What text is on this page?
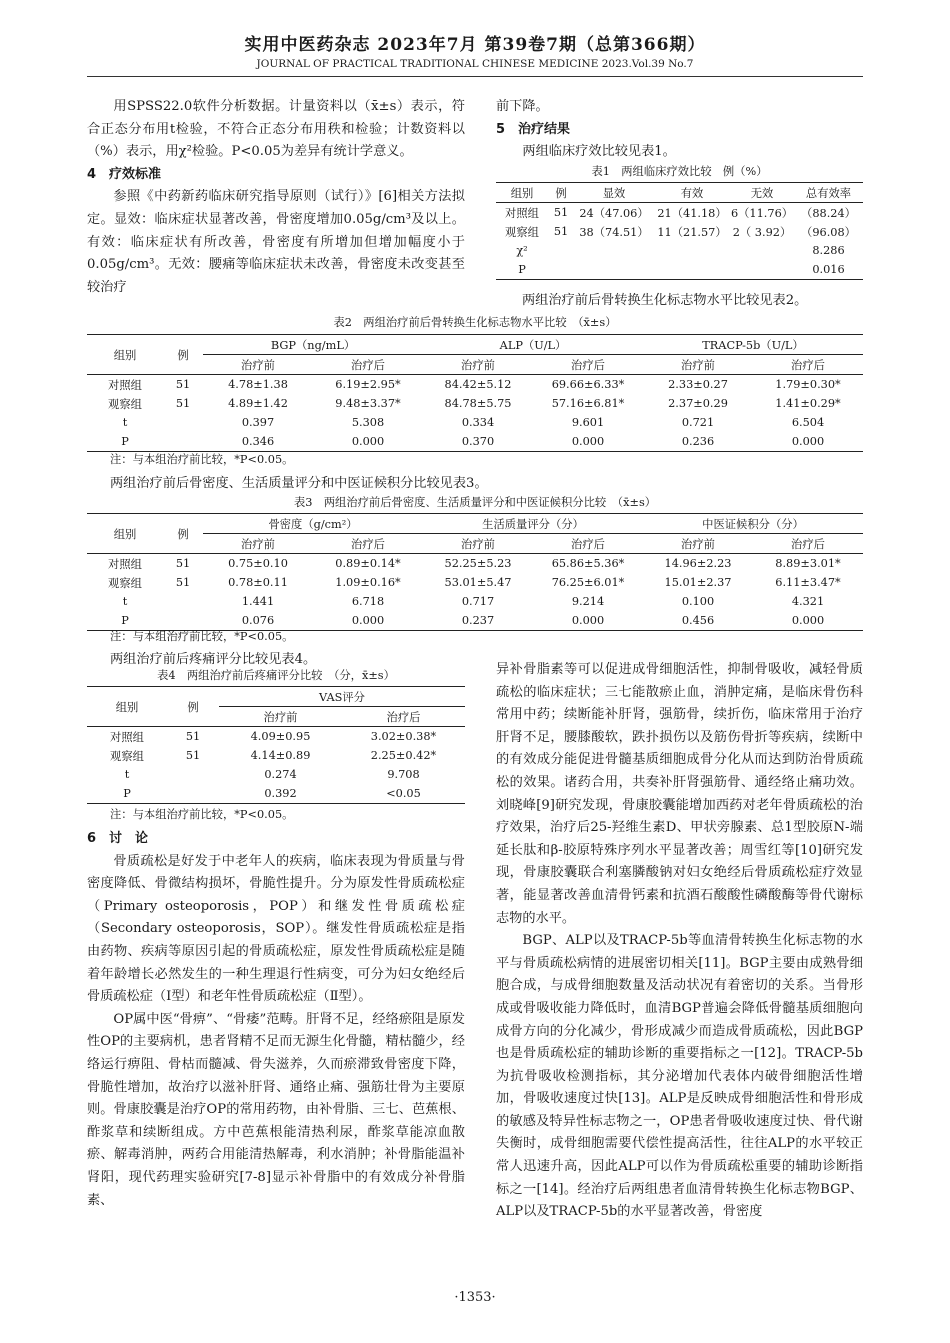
实用中医药杂志 2023年7月 第39卷7期（总第366期）
JOURNAL OF PRACTICAL TRADITIONAL CHINESE MEDICINE 2023.Vol.39 No.7

用SPSS22.0软件分析数据。计量资料以（x̄±s）表示，符合正态分布用t检验，不符合正态分布用秩和检验；计数资料以（%）表示，用χ²检验。P<0.05为差异有统计学意义。

4　疗效标准

参照《中药新药临床研究指导原则（试行）》[6]相关方法拟定。显效：临床症状显著改善，骨密度增加0.05g/cm³及以上。有效：临床症状有所改善，骨密度有所增加但增加幅度小于0.05g/cm³。无效：腰痛等临床症状未改善，骨密度未改变甚至较治疗

前下降。

5　治疗结果

两组临床疗效比较见表1。

表1　两组临床疗效比较　例（%）
组别	例	显效	有效	无效	总有效率
对照组	51	24（47.06）	21（41.18）	6（11.76）	（88.24）
观察组	51	38（74.51）	11（21.57）	2（ 3.92）	（96.08）
χ²					8.286
P					0.016
两组治疗前后骨转换生化标志物水平比较见表2。
表2　两组治疗前后骨转换生化标志物水平比较　（x̄±s）
组别	例	BGP（ng/mL）		ALP（U/L）		TRACP-5b（U/L）	
		治疗前	治疗后	治疗前	治疗后	治疗前	治疗后
对照组	51	4.78±1.38	6.19±2.95*	84.42±5.12	69.66±6.33*	2.33±0.27	1.79±0.30*
观察组	51	4.89±1.42	9.48±3.37*	84.78±5.75	57.16±6.81*	2.37±0.29	1.41±0.29*
t		0.397	5.308	0.334	9.601	0.721	6.504
P		0.346	0.000	0.370	0.000	0.236	0.000
注：与本组治疗前比较，*P<0.05。
两组治疗前后骨密度、生活质量评分和中医证候积分比较见表3。
表3　两组治疗前后骨密度、生活质量评分和中医证候积分比较　（x̄±s）
组别	例	骨密度（g/cm²）		生活质量评分（分）		中医证候积分（分）	
		治疗前	治疗后	治疗前	治疗后	治疗前	治疗后
对照组	51	0.75±0.10	0.89±0.14*	52.25±5.23	65.86±5.36*	14.96±2.23	8.89±3.01*
观察组	51	0.78±0.11	1.09±0.16*	53.01±5.47	76.25±6.01*	15.01±2.37	6.11±3.47*
t		1.441	6.718	0.717	9.214	0.100	4.321
P		0.076	0.000	0.237	0.000	0.456	0.000
注：与本组治疗前比较，*P<0.05。
两组治疗前后疼痛评分比较见表4。
表4　两组治疗前后疼痛评分比较　（分，x̄±s）
组别	例	VAS评分	
		治疗前	治疗后
对照组	51	4.09±0.95	3.02±0.38*
观察组	51	4.14±0.89	2.25±0.42*
t		0.274	9.708
P		0.392	<0.05
注：与本组治疗前比较，*P<0.05。

6　讨　论

骨质疏松是好发于中老年人的疾病，临床表现为骨质量与骨密度降低、骨微结构损坏，骨脆性提升。分为原发性骨质疏松症（Primary osteoporosis，POP）和继发性骨质疏松症（Secondary osteoporosis，SOP）。继发性骨质疏松症是指由药物、疾病等原因引起的骨质疏松症，原发性骨质疏松症是随着年龄增长必然发生的一种生理退行性病变，可分为妇女绝经后骨质疏松症（Ⅰ型）和老年性骨质疏松症（Ⅱ型）。

OP属中医“骨痹”、“骨痿”范畴。肝肾不足，经络瘀阻是原发性OP的主要病机，患者肾精不足而无源生化骨髓，精枯髓少，经络运行痹阻、骨枯而髓减、骨失滋养，久而瘀滞致骨密度下降，骨脆性增加，故治疗以滋补肝肾、通络止痛、强筋壮骨为主要原则。骨康胶囊是治疗OP的常用药物，由补骨脂、三七、芭蕉根、酢浆草和续断组成。方中芭蕉根能清热利尿，酢浆草能凉血散瘀、解毒消肿，两药合用能清热解毒，利水消肿；补骨脂能温补肾阳，现代药理实验研究[7-8]显示补骨脂中的有效成分补骨脂素、

异补骨脂素等可以促进成骨细胞活性，抑制骨吸收，减轻骨质疏松的临床症状；三七能散瘀止血，消肿定痛，是临床骨伤科常用中药；续断能补肝肾，强筋骨，续折伤，临床常用于治疗肝肾不足，腰膝酸软，跌扑损伤以及筋伤骨折等疾病，续断中的有效成分能促进骨髓基质细胞成骨分化从而达到防治骨质疏松的效果。诸药合用，共奏补肝肾强筋骨、通经络止痛功效。刘晓峰[9]研究发现，骨康胶囊能增加西药对老年骨质疏松的治疗效果，治疗后25-羟维生素D、甲状旁腺素、总1型胶原N-端延长肽和β-胶原特殊序列水平显著改善；周雪红等[10]研究发现，骨康胶囊联合利塞膦酸钠对妇女绝经后骨质疏松症疗效显著，能显著改善血清骨钙素和抗酒石酸酸性磷酸酶等骨代谢标志物的水平。

BGP、ALP以及TRACP-5b等血清骨转换生化标志物的水平与骨质疏松病情的进展密切相关[11]。BGP主要由成熟骨细胞合成，与成骨细胞数量及活动状况有着密切的关系。当骨形成或骨吸收能力降低时，血清BGP普遍会降低骨髓基质细胞向成骨方向的分化减少，骨形成减少而造成骨质疏松，因此BGP也是骨质疏松症的辅助诊断的重要指标之一[12]。TRACP-5b为抗骨吸收检测指标，其分泌增加代表体内破骨细胞活性增加，骨吸收速度过快[13]。ALP是反映成骨细胞活性和骨形成的敏感及特异性标志物之一，OP患者骨吸收速度过快、骨代谢失衡时，成骨细胞需要代偿性提高活性，往往ALP的水平较正常人迅速升高，因此ALP可以作为骨质疏松重要的辅助诊断指标之一[14]。经治疗后两组患者血清骨转换生化标志物BGP、ALP以及TRACP-5b的水平显著改善，骨密度

·1353·
